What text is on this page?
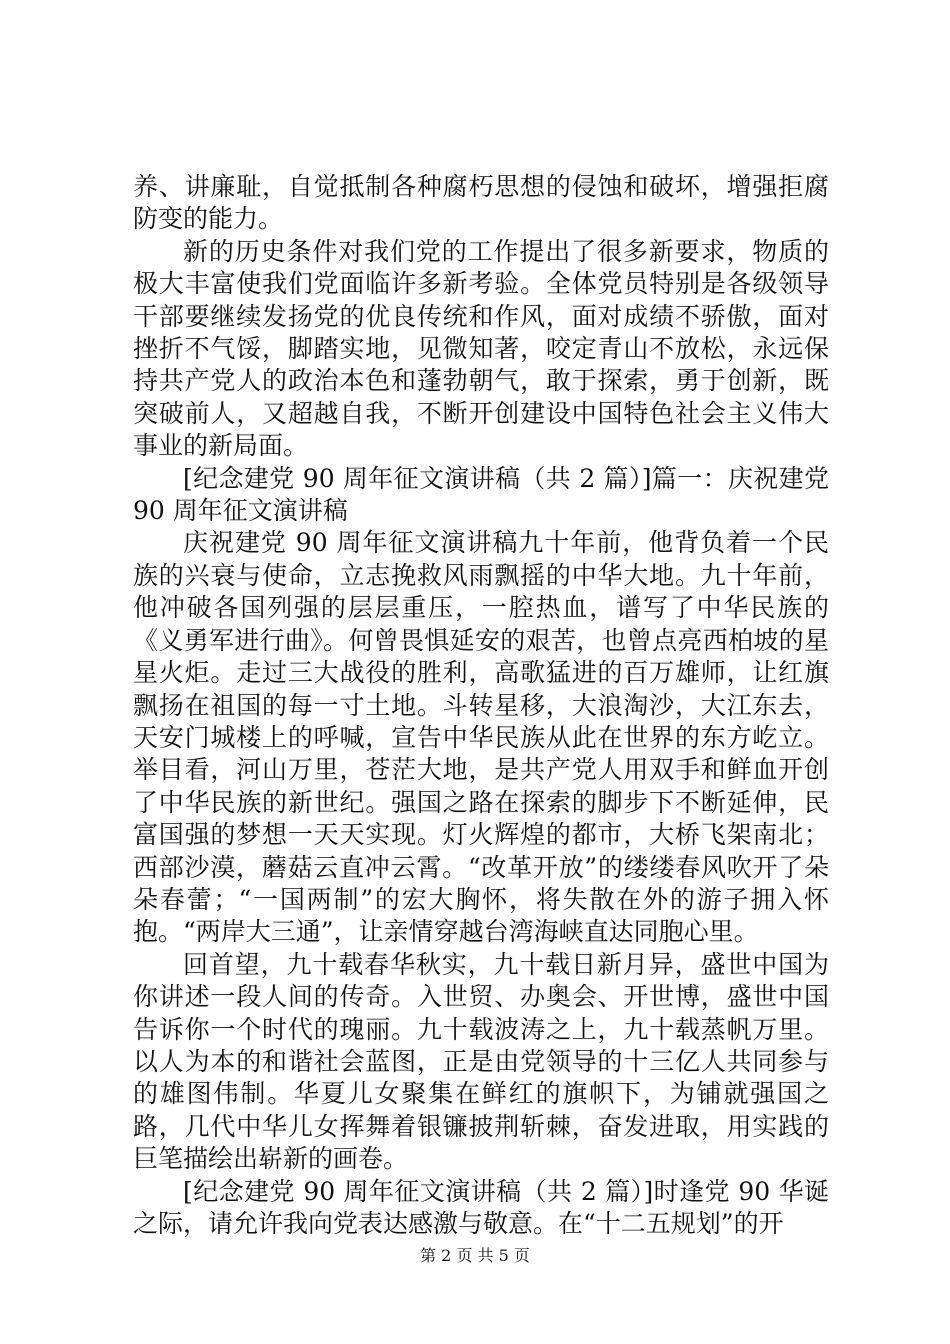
养、讲廉耻，自觉抵制各种腐朽思想的侵蚀和破坏，增强拒腐防变的能力。

新的历史条件对我们党的工作提出了很多新要求，物质的极大丰富使我们党面临许多新考验。全体党员特别是各级领导干部要继续发扬党的优良传统和作风，面对成绩不骄傲，面对挫折不气馁，脚踏实地，见微知著，咬定青山不放松，永远保持共产党人的政治本色和蓬勃朝气，敢于探索，勇于创新，既突破前人，又超越自我，不断开创建设中国特色社会主义伟大事业的新局面。

[纪念建党 90 周年征文演讲稿（共 2 篇）]篇一：庆祝建党 90 周年征文演讲稿

庆祝建党 90 周年征文演讲稿九十年前，他背负着一个民族的兴衰与使命，立志挽救风雨飘摇的中华大地。九十年前，他冲破各国列强的层层重压，一腔热血，谱写了中华民族的《义勇军进行曲》。何曾畏惧延安的艰苦，也曾点亮西柏坡的星星火炬。走过三大战役的胜利，高歌猛进的百万雄师，让红旗飘扬在祖国的每一寸土地。斗转星移，大浪淘沙，大江东去，天安门城楼上的呼喊，宣告中华民族从此在世界的东方屹立。举目看，河山万里，苍茫大地，是共产党人用双手和鲜血开创了中华民族的新世纪。强国之路在探索的脚步下不断延伸，民富国强的梦想一天天实现。灯火辉煌的都市，大桥飞架南北；西部沙漠，蘑菇云直冲云霄。“改革开放”的缕缕春风吹开了朵朵春蕾；“一国两制”的宏大胸怀，将失散在外的游子拥入怀抱。“两岸大三通”，让亲情穿越台湾海峡直达同胞心里。

回首望，九十载春华秋实，九十载日新月异，盛世中国为你讲述一段人间的传奇。入世贸、办奥会、开世博，盛世中国告诉你一个时代的瑰丽。九十载波涛之上，九十载蒸帆万里。以人为本的和谐社会蓝图，正是由党领导的十三亿人共同参与的雄图伟制。华夏儿女聚集在鲜红的旗帜下，为铺就强国之路，几代中华儿女挥舞着银镰披荆斩棘，奋发进取，用实践的巨笔描绘出崭新的画卷。

[纪念建党 90 周年征文演讲稿（共 2 篇）]时逢党 90 华诞之际，请允许我向党表达感激与敬意。在“十二五规划”的开

第 2 页 共 5 页
